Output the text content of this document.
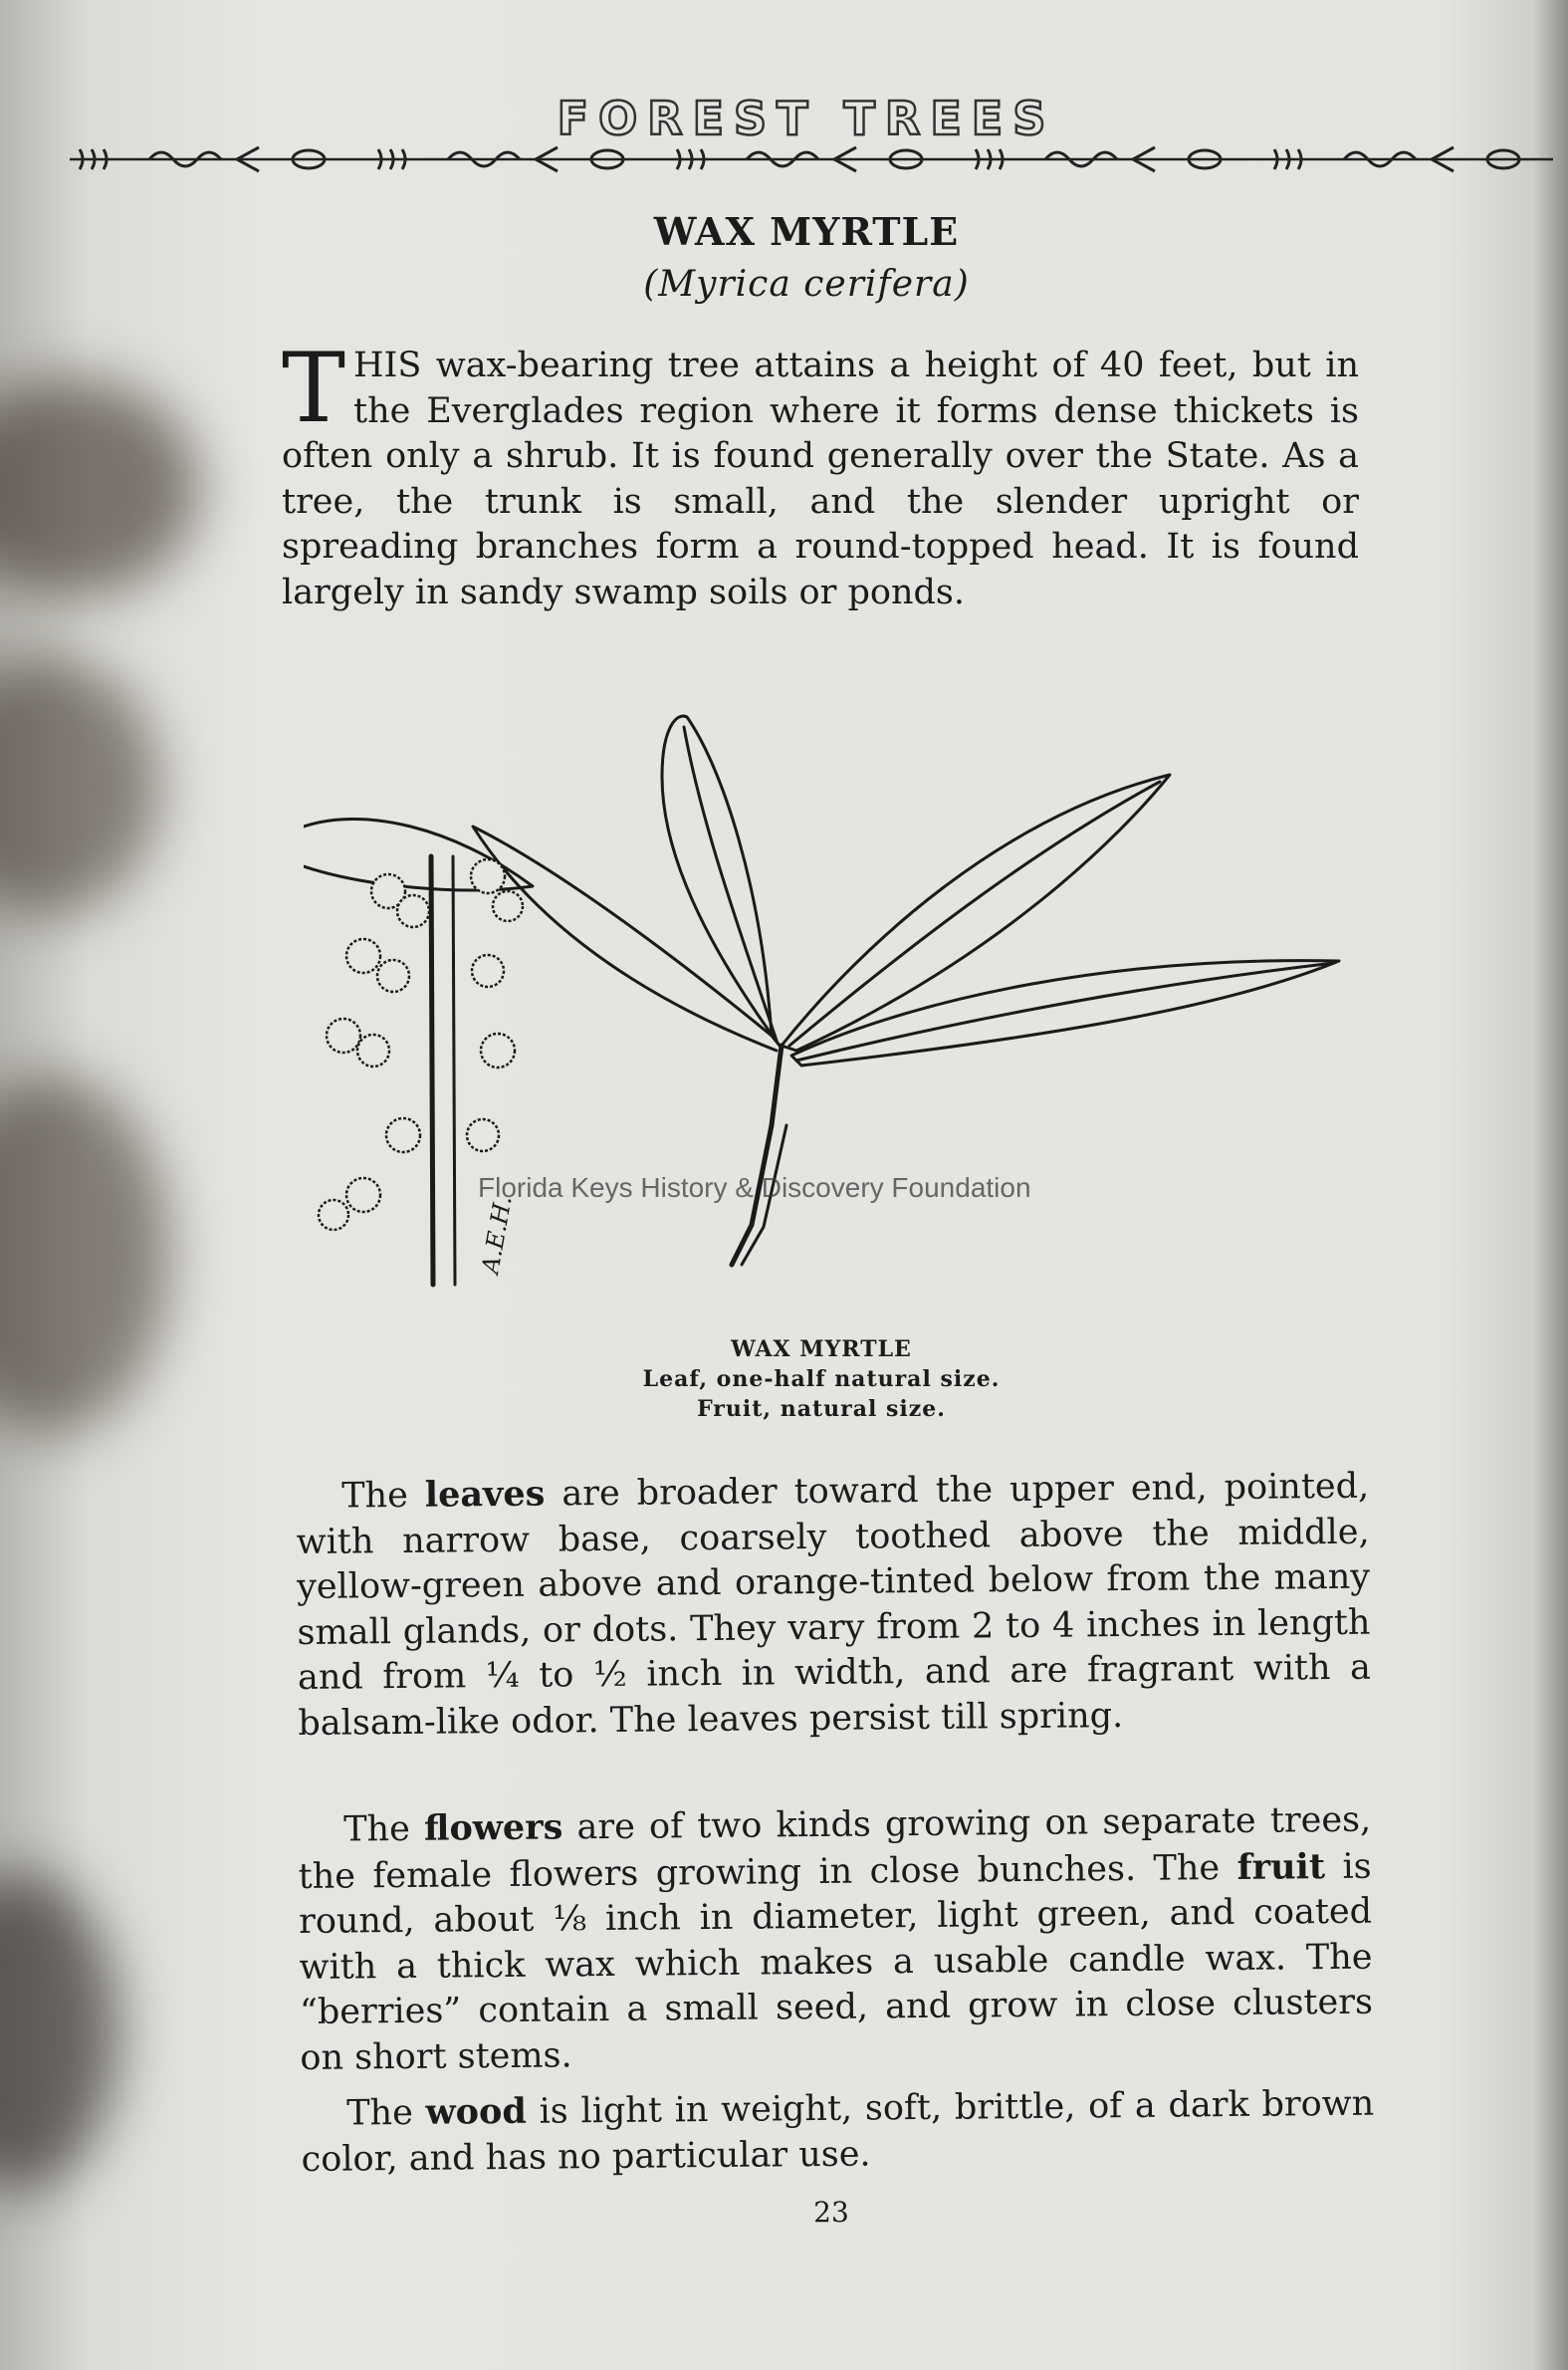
FOREST TREES
WAX MYRTLE
(Myrica cerifera)

THIS wax-bearing tree attains a height of 40 feet, but in the Everglades region where it forms dense thickets is often only a shrub. It is found generally over the State. As a tree, the trunk is small, and the slender upright or spreading branches form a round-topped head. It is found largely in sandy swamp soils or ponds.

A.E.H.
Florida Keys History & Discovery Foundation
WAX MYRTLE
Leaf, one-half natural size.
Fruit, natural size.

The leaves are broader toward the upper end, pointed, with narrow base, coarsely toothed above the middle, yellow-green above and orange-tinted below from the many small glands, or dots. They vary from 2 to 4 inches in length and from ¼ to ½ inch in width, and are fragrant with a balsam-like odor. The leaves persist till spring.

The flowers are of two kinds growing on separate trees, the female flowers growing in close bunches. The fruit is round, about ⅛ inch in diameter, light green, and coated with a thick wax which makes a usable candle wax. The “berries” contain a small seed, and grow in close clusters on short stems.

The wood is light in weight, soft, brittle, of a dark brown color, and has no particular use.

23
